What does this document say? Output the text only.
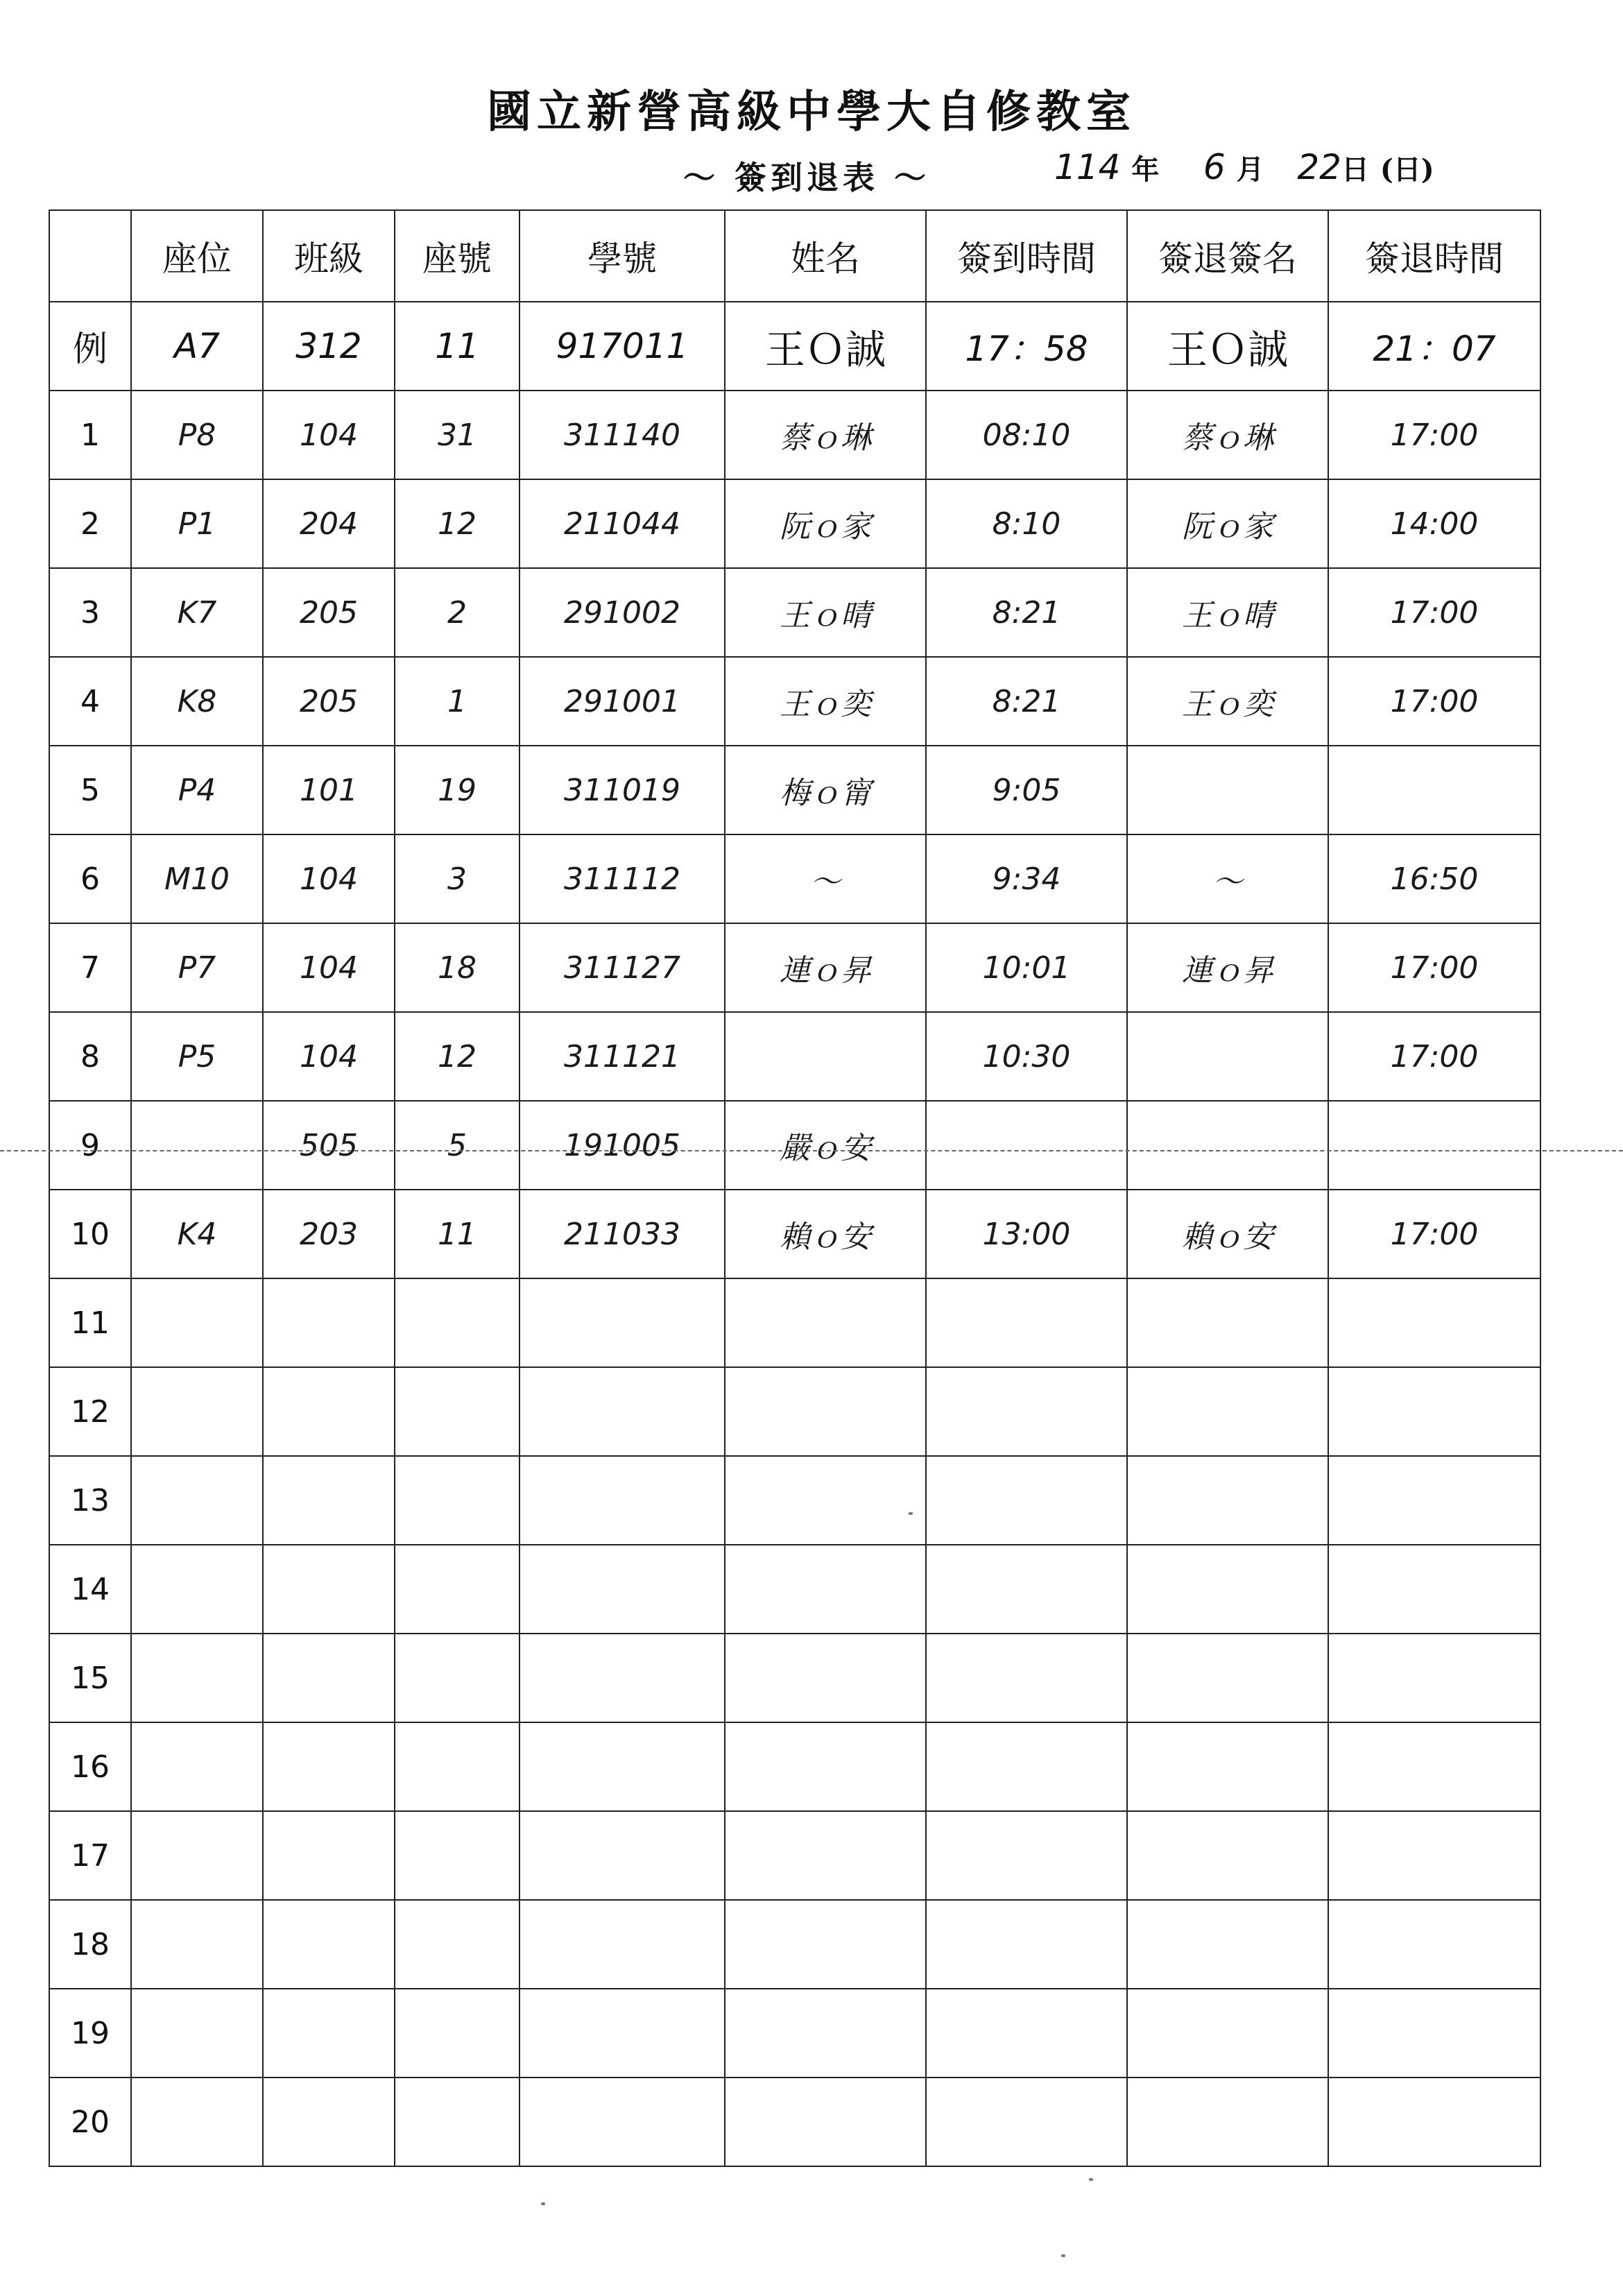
國立新營高級中學大自修教室
～ 簽到退表 ～	114 年 6 月 22日 (日)
	座位	班級	座號	學號	姓名	簽到時間	簽退簽名	簽退時間
例	A7	312	11	917011	王Ｏ誠	17：58	王Ｏ誠	21：07
1	P8	104	31	311140	蔡ｏ琳	08:10	蔡ｏ琳	17:00
2	P1	204	12	211044	阮ｏ家	8:10	阮ｏ家	14:00
3	K7	205	2	291002	王ｏ晴	8:21	王ｏ晴	17:00
4	K8	205	1	291001	王ｏ奕	8:21	王ｏ奕	17:00
5	P4	101	19	311019	梅ｏ甯	9:05		
6	M10	104	3	311112	～	9:34	～	16:50
7	P7	104	18	311127	連ｏ昇	10:01	連ｏ昇	17:00
8	P5	104	12	311121		10:30		17:00
9		505	5	191005	嚴ｏ安			
10	K4	203	11	211033	賴ｏ安	13:00	賴ｏ安	17:00
11								
12								
13								
14								
15								
16								
17								
18								
19								
20								
